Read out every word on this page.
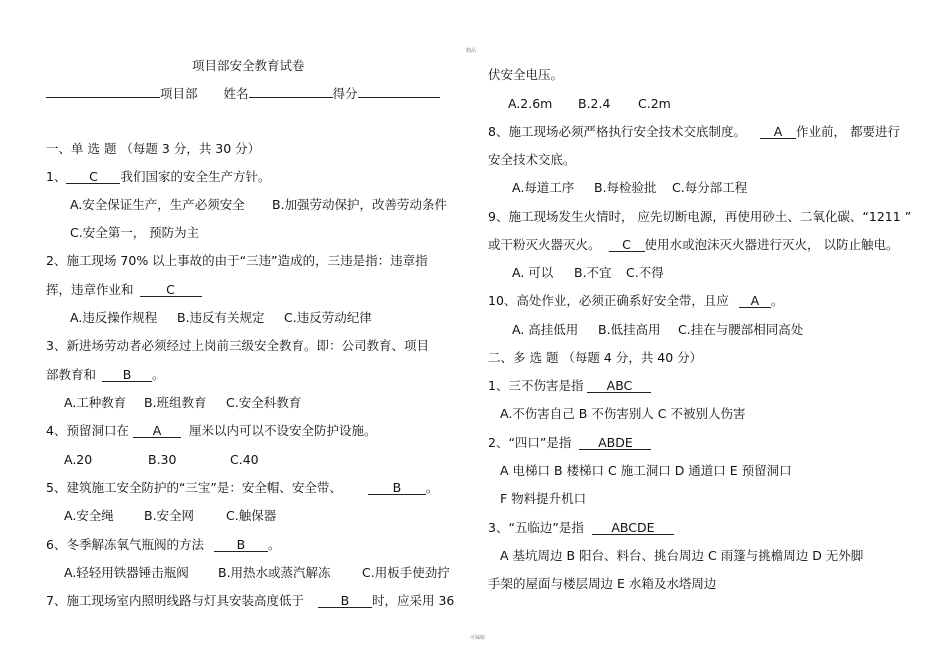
精品
可编辑
项目部安全教育试卷
项目部 姓名	得分
一、单 选 题 （每题 3 分，共 30 分）
1、 C 我们国家的安全生产方针。
A.安全保证生产，生产必须安全 B.加强劳动保护，改善劳动条件
C.安全第一， 预防为主
2、施工现场 70% 以上事故的由于“三违”造成的，三违是指：违章指
挥，违章作业和	C
A.违反操作规程 B.违反有关规定 C.违反劳动纪律
3、新进场劳动者必须经过上岗前三级安全教育。即：公司教育、项目
部教育和 B 。
A.工种教育 B.班组教育 C.安全科教育
4、预留洞口在 A 厘米以内可以不设安全防护设施。
A.20	B.30	C.40
5、建筑施工安全防护的“三宝”是：安全帽、安全带、	B 。
A.安全绳 B.安全网	C.触保器
6、冬季解冻氧气瓶阀的方法	B 。
A.轻轻用铁器锤击瓶阀 B.用热水或蒸汽解冻	C.用板手使劲拧
7、施工现场室内照明线路与灯具安装高度低于	B 时，应采用 36
伏安全电压。
A.2.6m B.2.4 C.2m
8、施工现场必须严格执行安全技术交底制度。 A 作业前， 都要进行
安全技术交底。
A.每道工序 B.每检验批 C.每分部工程
9、施工现场发生火情时， 应先切断电源，再使用砂土、二氧化碳、“1211 ”
或干粉灭火器灭火。 C 使用水或泡沫灭火器进行灭火， 以防止触电。
A. 可以 B.不宜 C.不得
10、高处作业，必须正确系好安全带，且应 A 。
A. 高挂低用 B.低挂高用 C.挂在与腰部相同高处
二、多 选 题 （每题 4 分，共 40 分）
1、三不伤害是指 ABC
A.不伤害自己 B 不伤害别人 C 不被别人伤害
2、“四口”是指 ABDE
A 电梯口 B 楼梯口 C 施工洞口 D 通道口 E 预留洞口
F 物料提升机口
3、“五临边”是指 ABCDE
A 基坑周边 B 阳台、料台、挑台周边 C 雨篷与挑檐周边 D 无外脚
手架的屋面与楼层周边 E 水箱及水塔周边
